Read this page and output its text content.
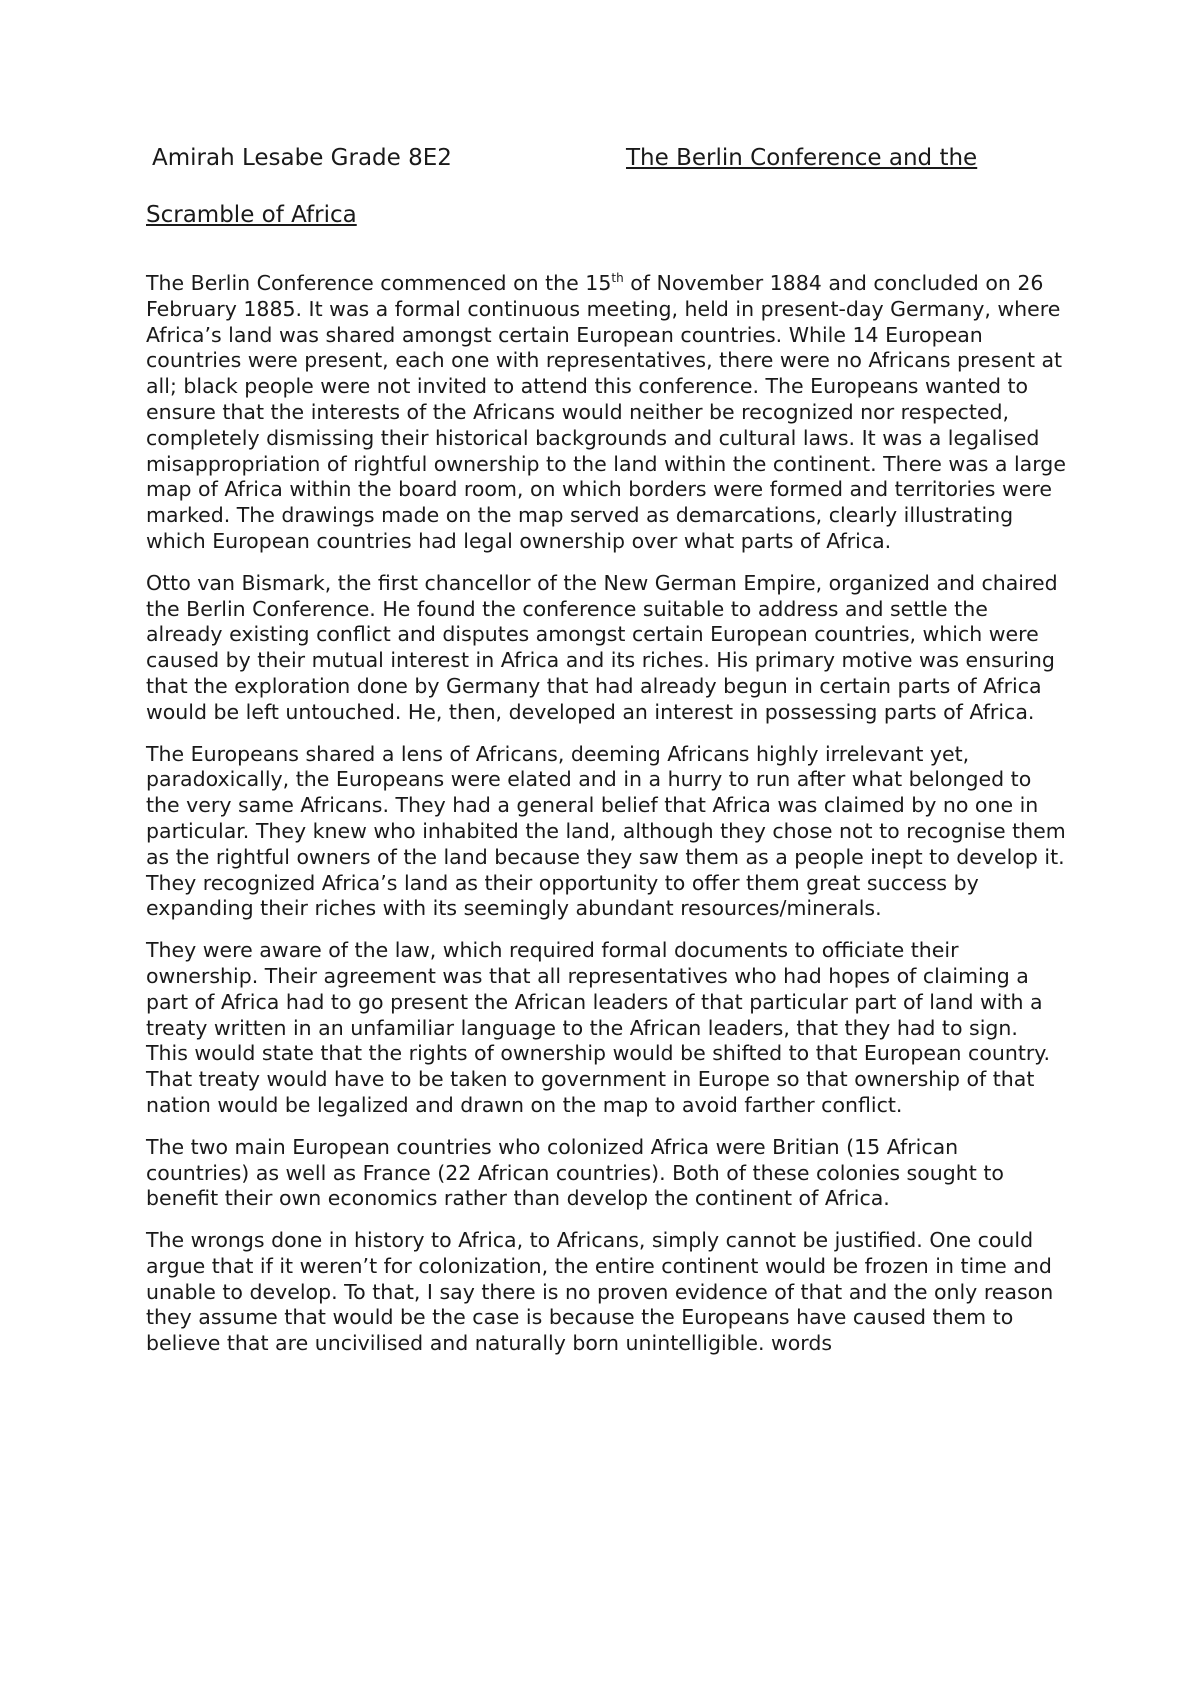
Amirah Lesabe Grade 8E2	The Berlin Conference and the
Scramble of Africa

The Berlin Conference commenced on the 15th of November 1884 and concluded on 26 February 1885. It was a formal continuous meeting, held in present-day Germany, where Africa’s land was shared amongst certain European countries. While 14 European countries were present, each one with representatives, there were no Africans present at all; black people were not invited to attend this conference. The Europeans wanted to ensure that the interests of the Africans would neither be recognized nor respected, completely dismissing their historical backgrounds and cultural laws. It was a legalised misappropriation of rightful ownership to the land within the continent. There was a large map of Africa within the board room, on which borders were formed and territories were marked. The drawings made on the map served as demarcations, clearly illustrating which European countries had legal ownership over what parts of Africa.

Otto van Bismark, the first chancellor of the New German Empire, organized and chaired the Berlin Conference. He found the conference suitable to address and settle the already existing conflict and disputes amongst certain European countries, which were caused by their mutual interest in Africa and its riches. His primary motive was ensuring that the exploration done by Germany that had already begun in certain parts of Africa would be left untouched. He, then, developed an interest in possessing parts of Africa.

The Europeans shared a lens of Africans, deeming Africans highly irrelevant yet, paradoxically, the Europeans were elated and in a hurry to run after what belonged to the very same Africans. They had a general belief that Africa was claimed by no one in particular. They knew who inhabited the land, although they chose not to recognise them as the rightful owners of the land because they saw them as a people inept to develop it. They recognized Africa’s land as their opportunity to offer them great success by expanding their riches with its seemingly abundant resources/minerals.

They were aware of the law, which required formal documents to officiate their ownership. Their agreement was that all representatives who had hopes of claiming a part of Africa had to go present the African leaders of that particular part of land with a treaty written in an unfamiliar language to the African leaders, that they had to sign. This would state that the rights of ownership would be shifted to that European country. That treaty would have to be taken to government in Europe so that ownership of that nation would be legalized and drawn on the map to avoid farther conflict.

The two main European countries who colonized Africa were Britian (15 African countries) as well as France (22 African countries). Both of these colonies sought to benefit their own economics rather than develop the continent of Africa.

The wrongs done in history to Africa, to Africans, simply cannot be justified. One could argue that if it weren’t for colonization, the entire continent would be frozen in time and unable to develop. To that, I say there is no proven evidence of that and the only reason they assume that would be the case is because the Europeans have caused them to believe that are uncivilised and naturally born unintelligible. words
